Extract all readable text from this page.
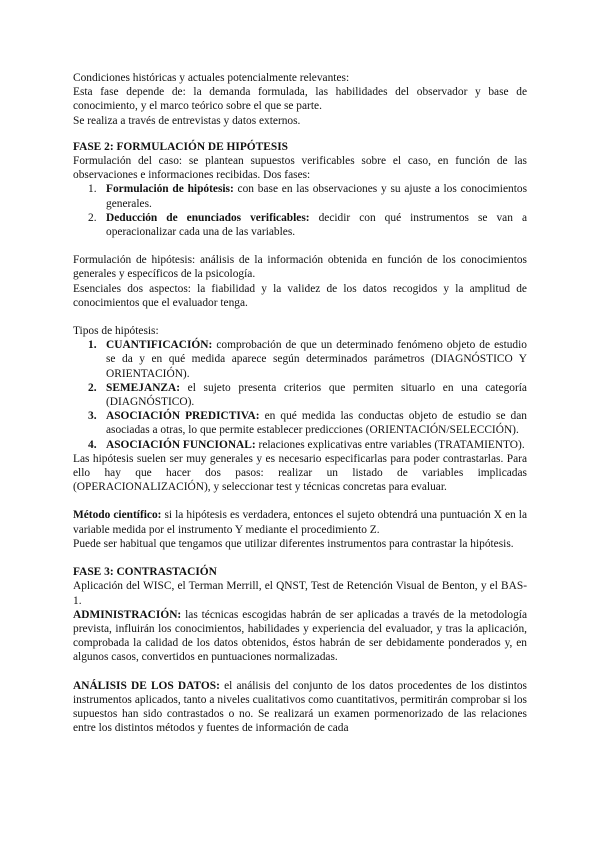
Condiciones históricas y actuales potencialmente relevantes:

Esta fase depende de: la demanda formulada, las habilidades del observador y base de conocimiento, y el marco teórico sobre el que se parte.

Se realiza a través de entrevistas y datos externos.

FASE 2: FORMULACIÓN DE HIPÓTESIS

Formulación del caso: se plantean supuestos verificables sobre el caso, en función de las observaciones e informaciones recibidas. Dos fases:

1. Formulación de hipótesis: con base en las observaciones y su ajuste a los conocimientos generales.
2. Deducción de enunciados verificables: decidir con qué instrumentos se van a operacionalizar cada una de las variables.

Formulación de hipótesis: análisis de la información obtenida en función de los conocimientos generales y específicos de la psicología.

Esenciales dos aspectos: la fiabilidad y la validez de los datos recogidos y la amplitud de conocimientos que el evaluador tenga.

Tipos de hipótesis:

1. CUANTIFICACIÓN: comprobación de que un determinado fenómeno objeto de estudio se da y en qué medida aparece según determinados parámetros (DIAGNÓSTICO Y ORIENTACIÓN).
2. SEMEJANZA: el sujeto presenta criterios que permiten situarlo en una categoría (DIAGNÓSTICO).
3. ASOCIACIÓN PREDICTIVA: en qué medida las conductas objeto de estudio se dan asociadas a otras, lo que permite establecer predicciones (ORIENTACIÓN/SELECCIÓN).
4. ASOCIACIÓN FUNCIONAL: relaciones explicativas entre variables (TRATAMIENTO).

Las hipótesis suelen ser muy generales y es necesario especificarlas para poder contrastarlas. Para ello hay que hacer dos pasos: realizar un listado de variables implicadas (OPERACIONALIZACIÓN), y seleccionar test y técnicas concretas para evaluar.

Método científico: si la hipótesis es verdadera, entonces el sujeto obtendrá una puntuación X en la variable medida por el instrumento Y mediante el procedimiento Z.

Puede ser habitual que tengamos que utilizar diferentes instrumentos para contrastar la hipótesis.

FASE 3: CONTRASTACIÓN

Aplicación del WISC, el Terman Merrill, el QNST, Test de Retención Visual de Benton, y el BAS-1.

ADMINISTRACIÓN: las técnicas escogidas habrán de ser aplicadas a través de la metodología prevista, influirán los conocimientos, habilidades y experiencia del evaluador, y tras la aplicación, comprobada la calidad de los datos obtenidos, éstos habrán de ser debidamente ponderados y, en algunos casos, convertidos en puntuaciones normalizadas.

ANÁLISIS DE LOS DATOS: el análisis del conjunto de los datos procedentes de los distintos instrumentos aplicados, tanto a niveles cualitativos como cuantitativos, permitirán comprobar si los supuestos han sido contrastados o no. Se realizará un examen pormenorizado de las relaciones entre los distintos métodos y fuentes de información de cada
